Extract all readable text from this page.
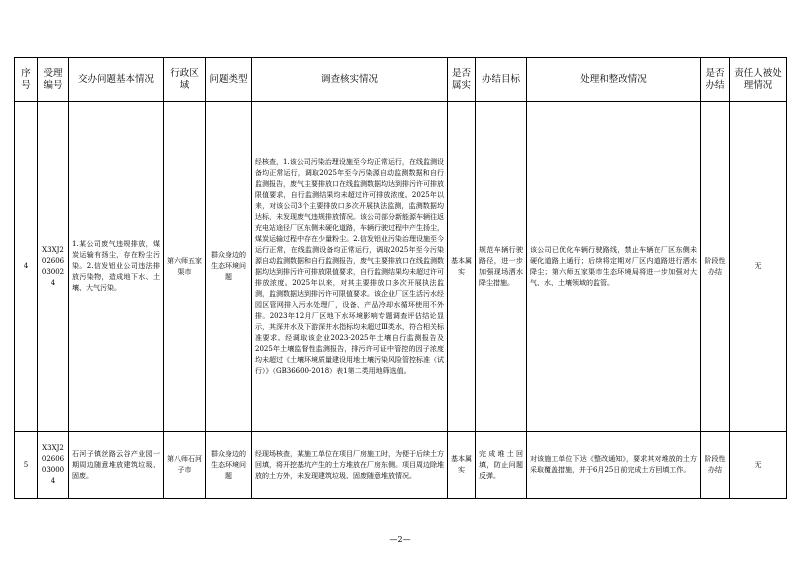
序号	受理编号	交办问题基本情况	行政区域	问题类型	调查核实情况	是否属实	办结目标	处理和整改情况	是否办结	责任人被处理情况
4	X3XJ202606030024	1.某公司废气违规排放，煤炭运输有扬尘，存在粉尘污染。2.信发铝业公司违法排放污染物，造成地下水、土壤、大气污染。	第六师五家渠市	群众身边的生态环境问题	经核查，1.该公司污染治理设施至今均正常运行，在线监测设备均正常运行，调取2025年至今污染源自动监测数据和自行监测报告，废气主要排放口在线监测数据均达到排污许可排放限值要求，自行监测结果均未超过许可排放浓度。2025年以来，对该公司3个主要排放口多次开展执法监测，监测数据均达标，未发现废气违规排放情况。该公司部分新能源车辆往返充电站途径厂区东侧未硬化道路，车辆行驶过程中产生扬尘，煤炭运输过程中存在少量粉尘。2.信发铝业污染治理设施至今运行正常，在线监测设备均正常运行，调取2025年至今污染源自动监测数据和自行监测报告，废气主要排放口在线监测数据均达到排污许可排放限值要求，自行监测结果均未超过许可排放浓度。2025年以来，对其主要排放口多次开展执法监测，监测数据达到排污许可限值要求。该企业厂区生活污水经园区管网排入污水处理厂，设备、产品冷却水循环使用不外排。2023年12月厂区地下水环境影响专题调查评估结论显示，其深井水及下游深井水指标均未超过Ⅲ类水，符合相关标准要求。经调取该企业2023-2025年土壤自行监测报告及2025年土壤监督性监测报告，排污许可证中管控的因子浓度均未超过《土壤环境质量建设用地土壤污染风险管控标准（试行）》（GB36600-2018）表1第二类用地筛选值。	基本属实	规范车辆行驶路径，进一步加强现场洒水降尘措施。	该公司已优化车辆行驶路线，禁止车辆在厂区东侧未硬化道路上通行；后续将定期对厂区内道路进行洒水降尘；第六师五家渠市生态环境局将进一步加强对大气、水、土壤领域的监管。	阶段性办结	无
5	X3XJ202606030004	石河子镇丝路云谷产业园一期周边随意堆放建筑垃圾、固废。	第八师石河子市	群众身边的生态环境问题	经现场核查，某施工单位在项目厂房施工时，为便于后续土方回填，将开挖基坑产生的土方堆放在厂房东侧。项目周边除堆放的土方外，未发现建筑垃圾、固废随意堆放情况。	基本属实	完成堆土回填，防止问题反弹。	对该施工单位下达《整改通知》，要求其对堆放的土方采取覆盖措施，并于6月25日前完成土方回填工作。	阶段性办结	无
—2—
